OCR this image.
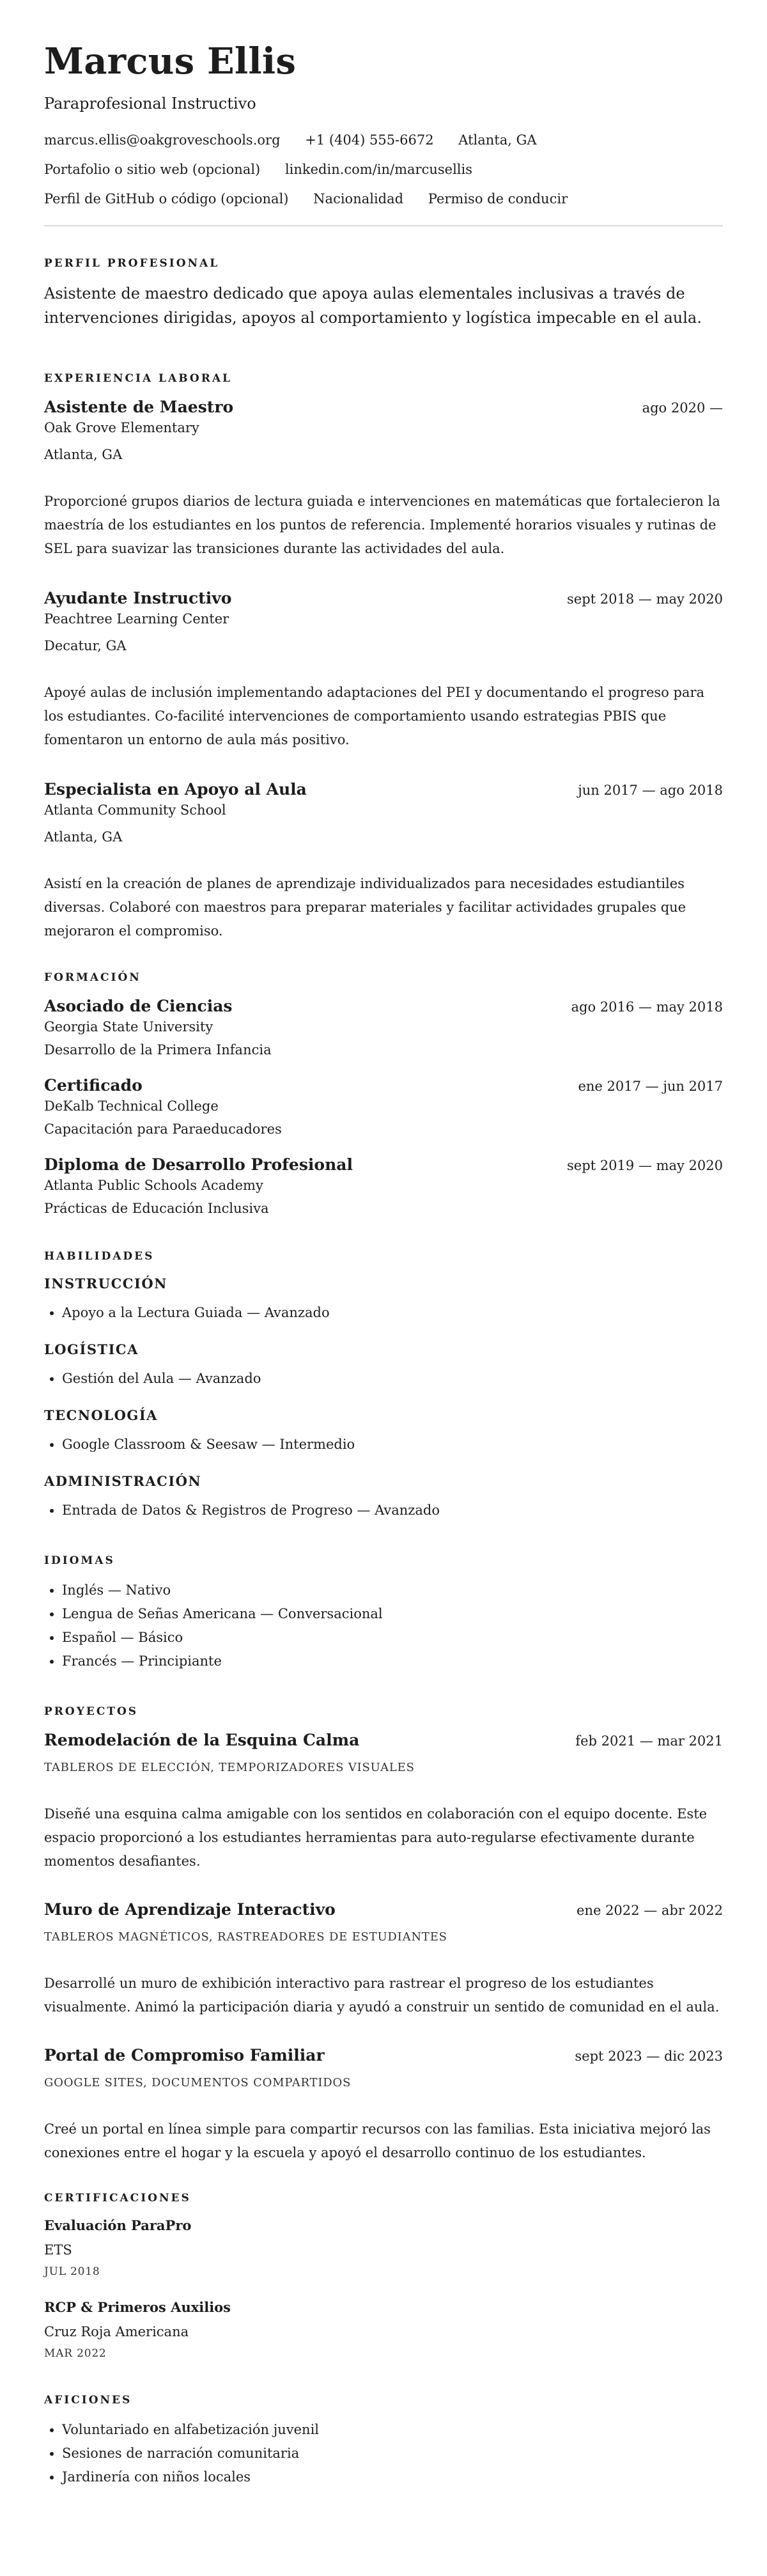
Marcus Ellis
Paraprofesional Instructivo
marcus.ellis@oakgroveschools.org +1 (404) 555-6672 Atlanta, GA
Portafolio o sitio web (opcional) linkedin.com/in/marcusellis
Perfil de GitHub o código (opcional) Nacionalidad Permiso de conducir
PERFIL PROFESIONAL

Asistente de maestro dedicado que apoya aulas elementales inclusivas a través de intervenciones dirigidas, apoyos al comportamiento y logística impecable en el aula.

EXPERIENCIA LABORAL
Asistente de Maestro	ago 2020 —
Oak Grove Elementary
Atlanta, GA

Proporcioné grupos diarios de lectura guiada e intervenciones en matemáticas que fortalecieron la maestría de los estudiantes en los puntos de referencia. Implementé horarios visuales y rutinas de SEL para suavizar las transiciones durante las actividades del aula.

Ayudante Instructivo	sept 2018 — may 2020
Peachtree Learning Center
Decatur, GA

Apoyé aulas de inclusión implementando adaptaciones del PEI y documentando el progreso para los estudiantes. Co-facilité intervenciones de comportamiento usando estrategias PBIS que fomentaron un entorno de aula más positivo.

Especialista en Apoyo al Aula	jun 2017 — ago 2018
Atlanta Community School
Atlanta, GA

Asistí en la creación de planes de aprendizaje individualizados para necesidades estudiantiles diversas. Colaboré con maestros para preparar materiales y facilitar actividades grupales que mejoraron el compromiso.

FORMACIÓN
Asociado de Ciencias	ago 2016 — may 2018
Georgia State University
Desarrollo de la Primera Infancia
Certificado	ene 2017 — jun 2017
DeKalb Technical College
Capacitación para Paraeducadores
Diploma de Desarrollo Profesional	sept 2019 — may 2020
Atlanta Public Schools Academy
Prácticas de Educación Inclusiva
HABILIDADES
INSTRUCCIÓN
• Apoyo a la Lectura Guiada — Avanzado
LOGÍSTICA
• Gestión del Aula — Avanzado
TECNOLOGÍA
• Google Classroom & Seesaw — Intermedio
ADMINISTRACIÓN
• Entrada de Datos & Registros de Progreso — Avanzado
IDIOMAS
• Inglés — Nativo
• Lengua de Señas Americana — Conversacional
• Español — Básico
• Francés — Principiante
PROYECTOS
Remodelación de la Esquina Calma	feb 2021 — mar 2021
TABLEROS DE ELECCIÓN, TEMPORIZADORES VISUALES

Diseñé una esquina calma amigable con los sentidos en colaboración con el equipo docente. Este espacio proporcionó a los estudiantes herramientas para auto-regularse efectivamente durante momentos desafiantes.

Muro de Aprendizaje Interactivo	ene 2022 — abr 2022
TABLEROS MAGNÉTICOS, RASTREADORES DE ESTUDIANTES

Desarrollé un muro de exhibición interactivo para rastrear el progreso de los estudiantes visualmente. Animó la participación diaria y ayudó a construir un sentido de comunidad en el aula.

Portal de Compromiso Familiar	sept 2023 — dic 2023
GOOGLE SITES, DOCUMENTOS COMPARTIDOS

Creé un portal en línea simple para compartir recursos con las familias. Esta iniciativa mejoró las conexiones entre el hogar y la escuela y apoyó el desarrollo continuo de los estudiantes.

CERTIFICACIONES
Evaluación ParaPro
ETS
JUL 2018
RCP & Primeros Auxilios
Cruz Roja Americana
MAR 2022
AFICIONES
• Voluntariado en alfabetización juvenil
• Sesiones de narración comunitaria
• Jardinería con niños locales
